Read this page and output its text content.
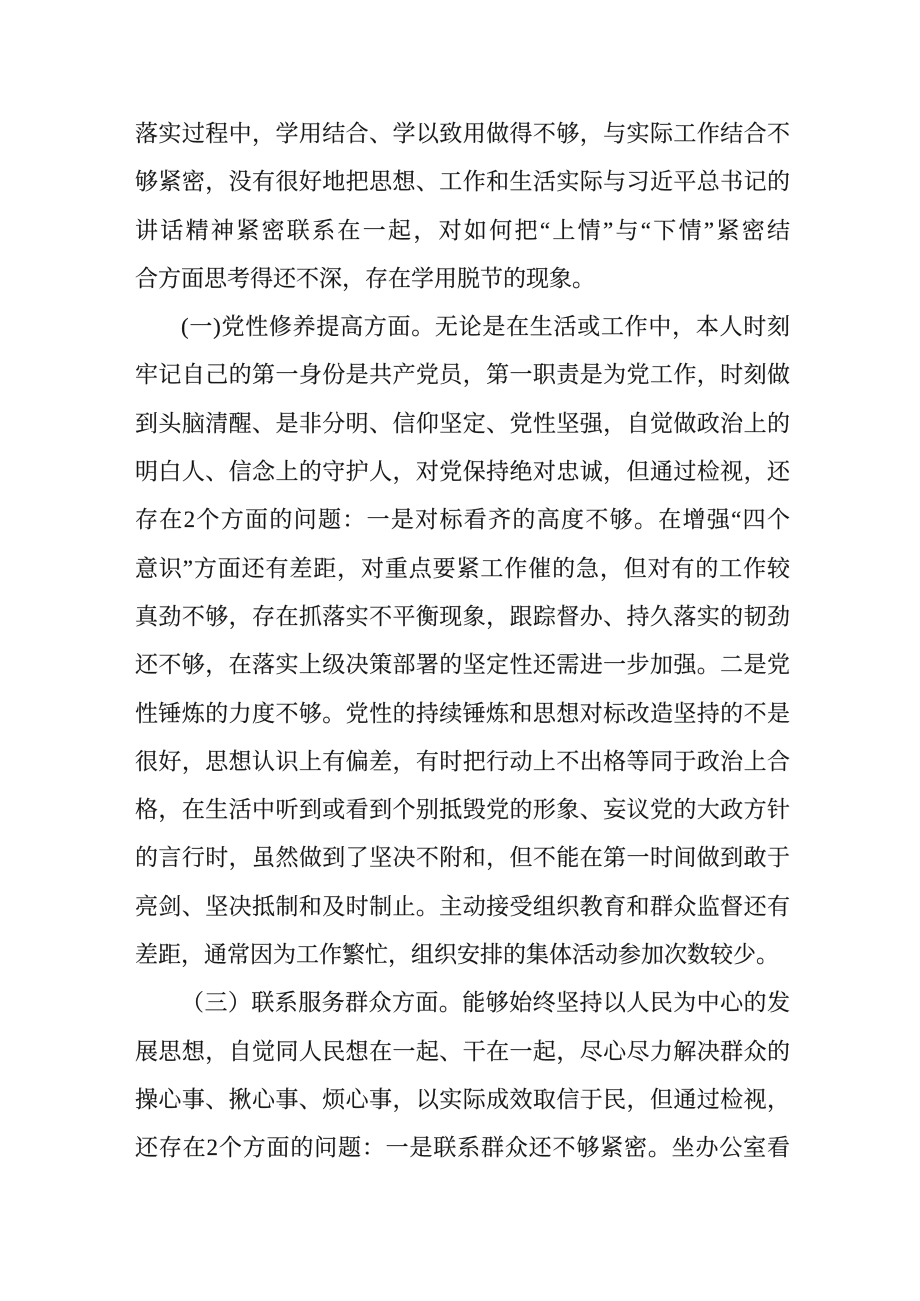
落实过程中，学用结合、学以致用做得不够，与实际工作结合不
够紧密，没有很好地把思想、工作和生活实际与习近平总书记的
讲话精神紧密联系在一起，对如何把“上情”与“下情”紧密结
合方面思考得还不深，存在学用脱节的现象。
(一)党性修养提高方面。无论是在生活或工作中，本人时刻
牢记自己的第一身份是共产党员，第一职责是为党工作，时刻做
到头脑清醒、是非分明、信仰坚定、党性坚强，自觉做政治上的
明白人、信念上的守护人，对党保持绝对忠诚，但通过检视，还
存在2个方面的问题：一是对标看齐的高度不够。在增强“四个
意识”方面还有差距，对重点要紧工作催的急，但对有的工作较
真劲不够，存在抓落实不平衡现象，跟踪督办、持久落实的韧劲
还不够，在落实上级决策部署的坚定性还需进一步加强。二是党
性锤炼的力度不够。党性的持续锤炼和思想对标改造坚持的不是
很好，思想认识上有偏差，有时把行动上不出格等同于政治上合
格，在生活中听到或看到个别抵毁党的形象、妄议党的大政方针
的言行时，虽然做到了坚决不附和，但不能在第一时间做到敢于
亮剑、坚决抵制和及时制止。主动接受组织教育和群众监督还有
差距，通常因为工作繁忙，组织安排的集体活动参加次数较少。
（三）联系服务群众方面。能够始终坚持以人民为中心的发
展思想，自觉同人民想在一起、干在一起，尽心尽力解决群众的
操心事、揪心事、烦心事，以实际成效取信于民，但通过检视，
还存在2个方面的问题：一是联系群众还不够紧密。坐办公室看
